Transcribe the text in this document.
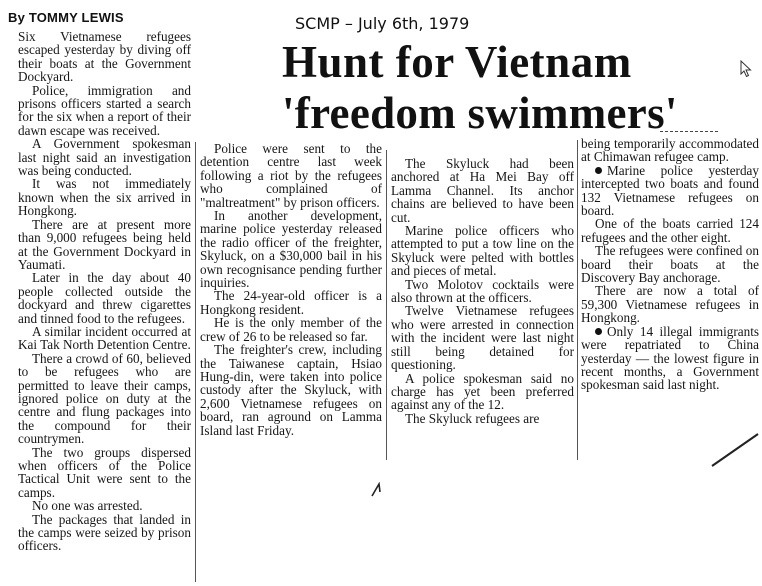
By TOMMY LEWIS	SCMP – July 6th, 1979
Hunt for Vietnam
'freedom swimmers'

Six Vietnamese refugees escaped yesterday by diving off their boats at the Government Dockyard.

Police, immigration and prisons officers started a search for the six when a report of their dawn escape was received.

A Government spokesman last night said an investigation was being conducted.

It was not immediately known when the six arrived in Hongkong.

There are at present more than 9,000 refugees being held at the Government Dockyard in Yaumati.

Later in the day about 40 people collected outside the dockyard and threw cigarettes and tinned food to the refugees.

A similar incident occurred at Kai Tak North Detention Centre.

There a crowd of 60, believed to be refugees who are permitted to leave their camps, ignored police on duty at the centre and flung packages into the compound for their countrymen.

The two groups dispersed when officers of the Police Tactical Unit were sent to the camps.

No one was arrested.

The packages that landed in the camps were seized by prison officers.

Police were sent to the detention centre last week following a riot by the refugees who complained of "maltreatment" by prison officers.

In another development, marine police yesterday released the radio officer of the freighter, Skyluck, on a $30,000 bail in his own recognisance pending further inquiries.

The 24-year-old officer is a Hongkong resident.

He is the only member of the crew of 26 to be released so far.

The freighter's crew, including the Taiwanese captain, Hsiao Hung-din, were taken into police custody after the Skyluck, with 2,600 Vietnamese refugees on board, ran aground on Lamma Island last Friday.

The Skyluck had been anchored at Ha Mei Bay off Lamma Channel. Its anchor chains are believed to have been cut.

Marine police officers who attempted to put a tow line on the Skyluck were pelted with bottles and pieces of metal.

Two Molotov cocktails were also thrown at the officers.

Twelve Vietnamese refugees who were arrested in connection with the incident were last night still being detained for questioning.

A police spokesman said no charge has yet been preferred against any of the 12.

The Skyluck refugees are

being temporarily accommodated at Chimawan refugee camp.

Marine police yesterday intercepted two boats and found 132 Vietnamese refugees on board.

One of the boats carried 124 refugees and the other eight.

The refugees were confined on board their boats at the Discovery Bay anchorage.

There are now a total of 59,300 Vietnamese refugees in Hongkong.

Only 14 illegal immigrants were repatriated to China yesterday — the lowest figure in recent months, a Government spokesman said last night.
